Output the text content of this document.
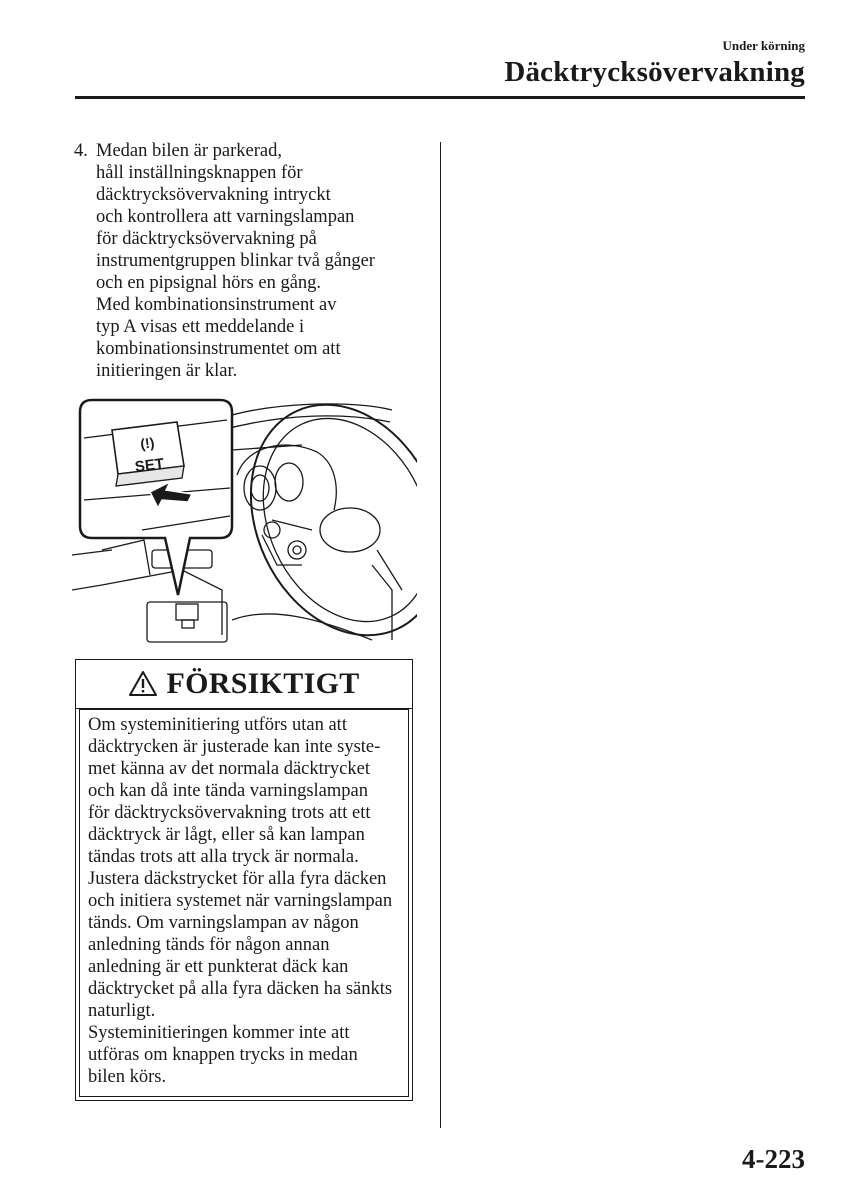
Under körning
Däcktrycksövervakning
4. Medan bilen är parkerad,
håll inställningsknappen för
däcktrycksövervakning intryckt
och kontrollera att varningslampan
för däcktrycksövervakning på
instrumentgruppen blinkar två gånger
och en pipsignal hörs en gång.
Med kombinationsinstrument av
typ A visas ett meddelande i
kombinationsinstrumentet om att
initieringen är klar.
(!)
SET
FÖRSIKTIGT
Om systeminitiering utförs utan att
däcktrycken är justerade kan inte syste-
met känna av det normala däcktrycket
och kan då inte tända varningslampan
för däcktrycksövervakning trots att ett
däcktryck är lågt, eller så kan lampan
tändas trots att alla tryck är normala.
Justera däckstrycket för alla fyra däcken
och initiera systemet när varningslampan
tänds. Om varningslampan av någon
anledning tänds för någon annan
anledning är ett punkterat däck kan
däcktrycket på alla fyra däcken ha sänkts
naturligt.
Systeminitieringen kommer inte att
utföras om knappen trycks in medan
bilen körs.
4-223
